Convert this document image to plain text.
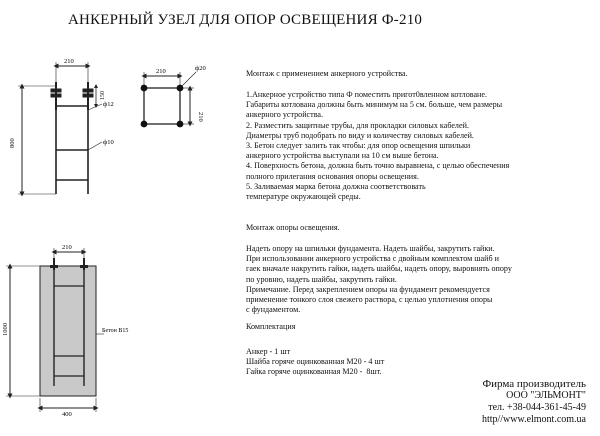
АНКЕРНЫЙ УЗЕЛ ДЛЯ ОПОР ОСВЕЩЕНИЯ Ф-210
210
800
150
ф12
ф10
210
210
ф20
210
1000
400
Бетон В15
Монтаж с применением анкерного устройства.
1.Анкерное устройство типа Ф поместить пригот0вленном котловане.
Габариты котлована должны быть минимум на 5 см. больше, чем размеры
анкерного устройства.
2. Разместить защитные трубы, для прокладки силовых кабелей.
Диаметры труб подобрать по виду и количеству силовых кабелей.
3. Бетон следует залить так чтобы: для опор освещения шпильки
анкерного устройства выступали на 10 см выше бетона.
4. Поверхность бетона, должна быть точно выравнена, с целью обеспечения
полного прилегания основания опоры освещения.
5. Заливаемая марка бетона должна соответствовать
температуре окружающей среды.
Монтаж опоры освещения.
Надеть опору на шпильки фундамента. Надеть шайбы, закрутить гайки.
При использовании анкерного устройства с двойным комплектом шайб и
гаек вначале накрутить гайки, надеть шайбы, надеть опору, выровнять опору
по уровню, надеть шайбы, закрутить гайки.
Примечание. Перед закреплением опоры на фундамент рекомендуется
применение тонкого слоя свежего раствора, с целью уплотнения опоры
с фундаментом.
Комплектация
Анкер - 1 шт
Шайба горяче оцинкованная М20 - 4 шт
Гайка горяче оцинкованная М20 -  8шт.
Фирма производитель
ООО "ЭЛЬМОНТ"
тел. +38-044-361-45-49
http//www.elmont.com.ua
